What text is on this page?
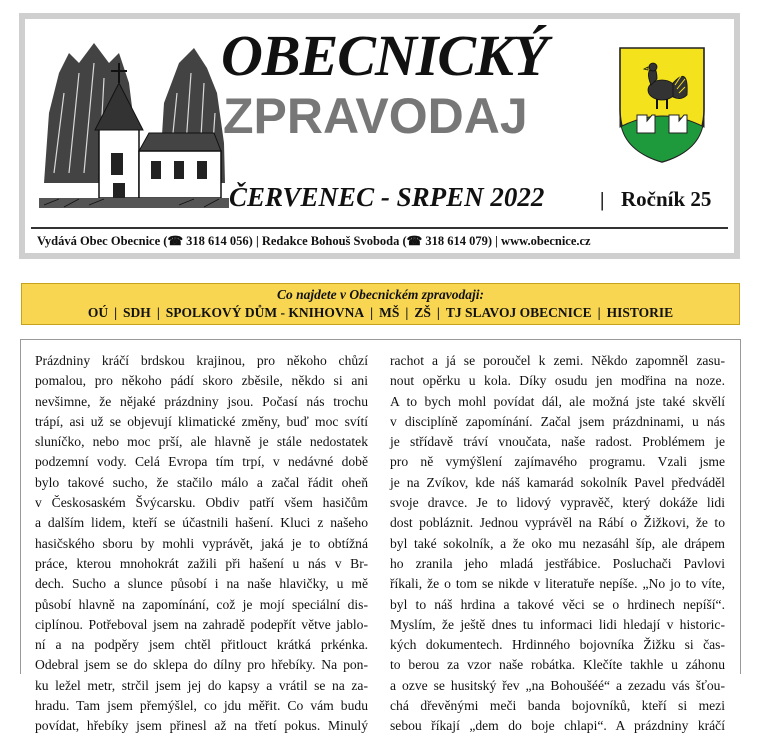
OBECNICKÝ
ZPRAVODAJ
ČERVENEC - SRPEN 2022	| Ročník 25
Vydává Obec Obecnice (☎ 318 614 056) | Redakce Bohouš Svoboda (☎ 318 614 079) | www.obecnice.cz
Co najdete v Obecnickém zpravodaji:
OÚ | SDH | SPOLKOVÝ DŮM - KNIHOVNA | MŠ | ZŠ | TJ SLAVOJ OBECNICE | HISTORIE
Prázdniny kráčí brdskou krajinou, pro někoho chůzí
pomalou, pro někoho pádí skoro zběsile, někdo si ani
nevšimne, že nějaké prázdniny jsou. Počasí nás trochu
trápí, asi už se objevují klimatické změny, buď moc svítí
sluníčko, nebo moc prší, ale hlavně je stále nedostatek
podzemní vody. Celá Evropa tím trpí, v nedávné době
bylo takové sucho, že stačilo málo a začal řádit oheň
v Českosaském Švýcarsku. Obdiv patří všem hasičům
a dalším lidem, kteří se účastnili hašení. Kluci z našeho
hasičského sboru by mohli vyprávět, jaká je to obtížná
práce, kterou mnohokrát zažili při hašení u nás v Br-
dech. Sucho a slunce působí i na naše hlavičky, u mě
působí hlavně na zapomínání, což je mojí speciální dis-
ciplínou. Potřeboval jsem na zahradě podepřít větve jablo-
ní a na podpěry jsem chtěl přitlouct krátká prkénka.
Odebral jsem se do sklepa do dílny pro hřebíky. Na pon-
ku ležel metr, strčil jsem jej do kapsy a vrátil se na za-
hradu. Tam jsem přemýšlel, co jdu měřit. Co vám budu
povídat, hřebíky jsem přinesl až na třetí pokus. Minulý
rachot a já se poroučel k zemi. Někdo zapomněl zasu-
nout opěrku u kola. Díky osudu jen modřina na noze.
A to bych mohl povídat dál, ale možná jste také skvělí
v disciplíně zapomínání. Začal jsem prázdninami, u nás
je střídavě tráví vnoučata, naše radost. Problémem je
pro ně vymýšlení zajímavého programu. Vzali jsme
je na Zvíkov, kde náš kamarád sokolník Pavel předváděl
svoje dravce. Je to lidový vypravěč, který dokáže lidi
dost pobláznit. Jednou vyprávěl na Rábí o Žižkovi, že to
byl také sokolník, a že oko mu nezasáhl šíp, ale drápem
ho zranila jeho mladá jestřábice. Posluchači Pavlovi
říkali, že o tom se nikde v literatuře nepíše. „No jo to víte,
byl to náš hrdina a takové věci se o hrdinech nepíší“.
Myslím, že ještě dnes tu informaci lidi hledají v historic-
kých dokumentech. Hrdinného bojovníka Žižku si čas-
to berou za vzor naše robátka. Klečíte takhle u záhonu
a ozve se husitský řev „na Bohoušéé“ a zezadu vás šťou-
chá dřevěnými meči banda bojovníků, kteří si mezi
sebou říkají „dem do boje chlapi“. A prázdniny kráčí
